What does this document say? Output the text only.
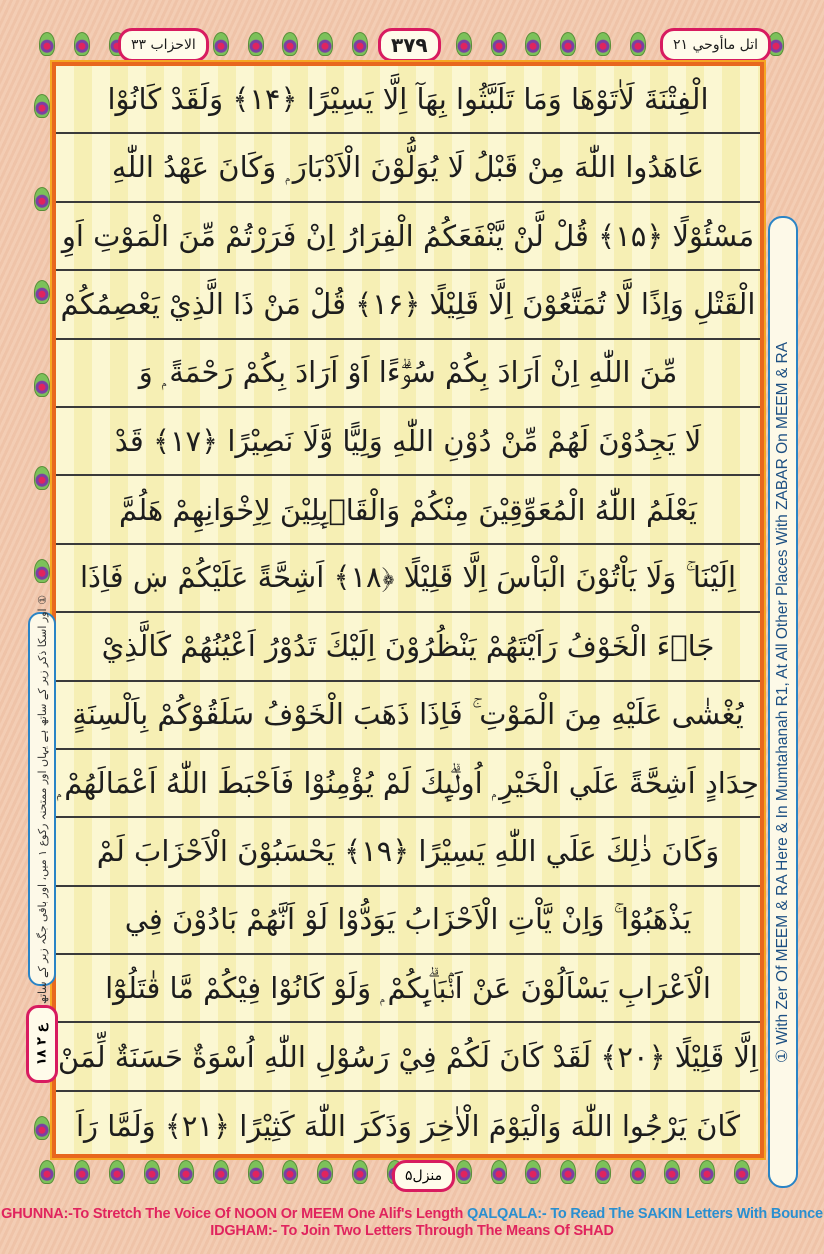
الاحزاب ۳۳	۳۷۹	اتل ماأوحي ٢١
الْفِتْنَةَ لَاٰتَوْهَا وَمَا تَلَبَّثُوا بِهَآ اِلَّا يَسِيْرًا ﴿۱۴﴾ وَلَقَدْ كَانُوْا
عَاهَدُوا اللّٰهَ مِنْ قَبْلُ لَا يُوَلُّوْنَ الْاَدْبَارَ ۭ وَكَانَ عَهْدُ اللّٰهِ
مَسْئُوْلًا ﴿۱۵﴾ قُلْ لَّنْ يَّنْفَعَكُمُ الْفِرَارُ اِنْ فَرَرْتُمْ مِّنَ الْمَوْتِ اَوِ
الْقَتْلِ وَاِذًا لَّا تُمَتَّعُوْنَ اِلَّا قَلِيْلًا ﴿۱۶﴾ قُلْ مَنْ ذَا الَّذِيْ يَعْصِمُكُمْ
مِّنَ اللّٰهِ اِنْ اَرَادَ بِكُمْ سُوْۗءًا اَوْ اَرَادَ بِكُمْ رَحْمَةً ۭ وَ
لَا يَجِدُوْنَ لَهُمْ مِّنْ دُوْنِ اللّٰهِ وَلِيًّا وَّلَا نَصِيْرًا ﴿۱۷﴾ قَدْ
يَعْلَمُ اللّٰهُ الْمُعَوِّقِيْنَ مِنْكُمْ وَالْقَاۗىِٕلِيْنَ لِاِخْوَانِهِمْ هَلُمَّ
اِلَيْنَا ۚ وَلَا يَاْتُوْنَ الْبَاْسَ اِلَّا قَلِيْلًا ﴿۱۸﴾ اَشِحَّةً عَلَيْكُمْ ښ فَاِذَا
جَاۗءَ الْخَوْفُ رَاَيْتَهُمْ يَنْظُرُوْنَ اِلَيْكَ تَدُوْرُ اَعْيُنُهُمْ كَالَّذِيْ
يُغْشٰى عَلَيْهِ مِنَ الْمَوْتِ ۚ فَاِذَا ذَهَبَ الْخَوْفُ سَلَقُوْكُمْ بِاَلْسِنَةٍ
حِدَادٍ اَشِحَّةً عَلَي الْخَيْرِ ۭ اُولٰۗىِٕكَ لَمْ يُؤْمِنُوْا فَاَحْبَطَ اللّٰهُ اَعْمَالَهُمْ ۭ
وَكَانَ ذٰلِكَ عَلَي اللّٰهِ يَسِيْرًا ﴿۱۹﴾ يَحْسَبُوْنَ الْاَحْزَابَ لَمْ
يَذْهَبُوْا ۚ وَاِنْ يَّاْتِ الْاَحْزَابُ يَوَدُّوْا لَوْ اَنَّهُمْ بَادُوْنَ فِي
الْاَعْرَابِ يَسْاَلُوْنَ عَنْ اَنْۢبَاۗىِٕكُمْ ۭ وَلَوْ كَانُوْا فِيْكُمْ مَّا قٰتَلُوْٓا
اِلَّا قَلِيْلًا ﴿۲۰﴾ لَقَدْ كَانَ لَكُمْ فِيْ رَسُوْلِ اللّٰهِ اُسْوَةٌ حَسَنَةٌ لِّمَنْ
كَانَ يَرْجُوا اللّٰهَ وَالْيَوْمَ الْاٰخِرَ وَذَكَرَ اللّٰهَ كَثِيْرًا ﴿۲۱﴾ وَلَمَّا رَاَ
① With Zer Of MEEM & RA Here & In Mumtahanah R1, At All Other Places With ZABAR On MEEM & RA
① اور اسکا ذکر زیر کے ساتھ ہے یہاں اور ممتحنہ رکوع ۱ میں، اور باقی جگہ زبر کے ساتھ
ع ۲ ١٨
منزل۵
GHUNNA:-To Stretch The Voice Of NOON Or MEEM One Alif's Length QALQALA:- To Read The SAKIN Letters With Bounce
IDGHAM:- To Join Two Letters Through The Means Of SHAD
